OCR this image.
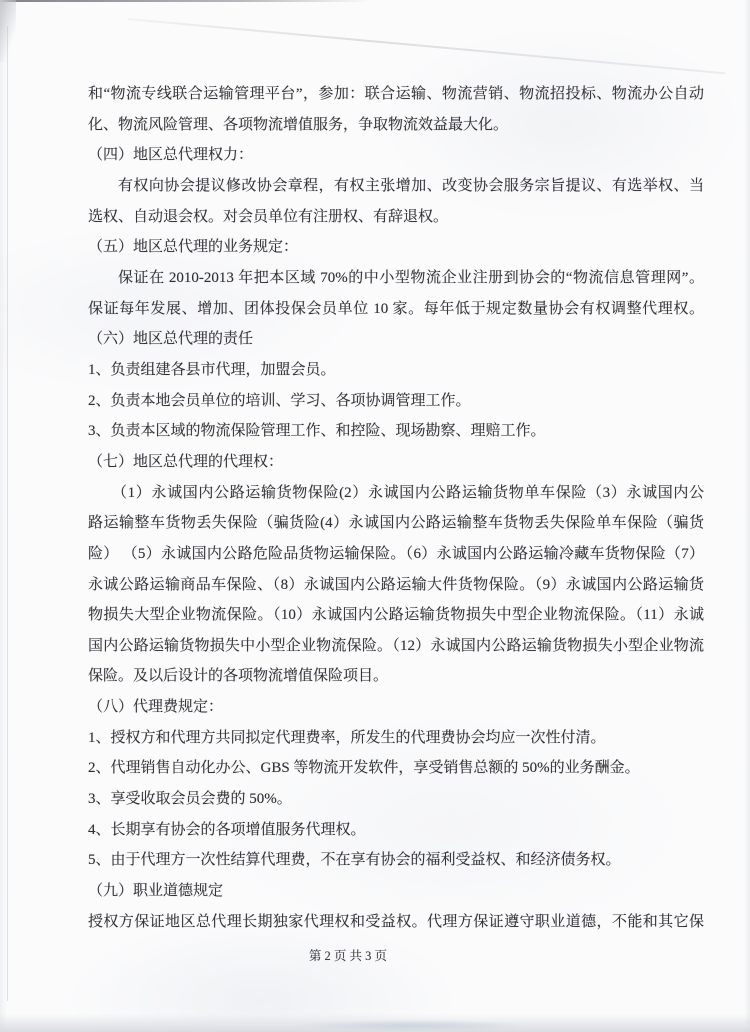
和“物流专线联合运输管理平台”，参加：联合运输、物流营销、物流招投标、物流办公自动
化、物流风险管理、各项物流增值服务，争取物流效益最大化。
（四）地区总代理权力：
有权向协会提议修改协会章程，有权主张增加、改变协会服务宗旨提议、有选举权、当
选权、自动退会权。对会员单位有注册权、有辞退权。
（五）地区总代理的业务规定：
保证在 2010-2013 年把本区域 70%的中小型物流企业注册到协会的“物流信息管理网”。
保证每年发展、增加、团体投保会员单位 10 家。每年低于规定数量协会有权调整代理权。
（六）地区总代理的责任
1、负责组建各县市代理，加盟会员。
2、负责本地会员单位的培训、学习、各项协调管理工作。
3、负责本区域的物流保险管理工作、和控险、现场勘察、理赔工作。
（七）地区总代理的代理权：
（1）永诚国内公路运输货物保险(2）永诚国内公路运输货物单车保险（3）永诚国内公
路运输整车货物丢失保险（骗货险(4）永诚国内公路运输整车货物丢失保险单车保险（骗货
险） （5）永诚国内公路危险品货物运输保险。（6）永诚国内公路运输冷藏车货物保险（7）
永诚公路运输商品车保险、（8）永诚国内公路运输大件货物保险。（9）永诚国内公路运输货
物损失大型企业物流保险。（10）永诚国内公路运输货物损失中型企业物流保险。（11）永诚
国内公路运输货物损失中小型企业物流保险。（12）永诚国内公路运输货物损失小型企业物流
保险。及以后设计的各项物流增值保险项目。
（八）代理费规定：
1、授权方和代理方共同拟定代理费率，所发生的代理费协会均应一次性付清。
2、代理销售自动化办公、GBS 等物流开发软件，享受销售总额的 50%的业务酬金。
3、享受收取会员会费的 50%。
4、长期享有协会的各项增值服务代理权。
5、由于代理方一次性结算代理费，不在享有协会的福利受益权、和经济债务权。
（九）职业道德规定
授权方保证地区总代理长期独家代理权和受益权。代理方保证遵守职业道德，不能和其它保
第 2 页 共 3 页
